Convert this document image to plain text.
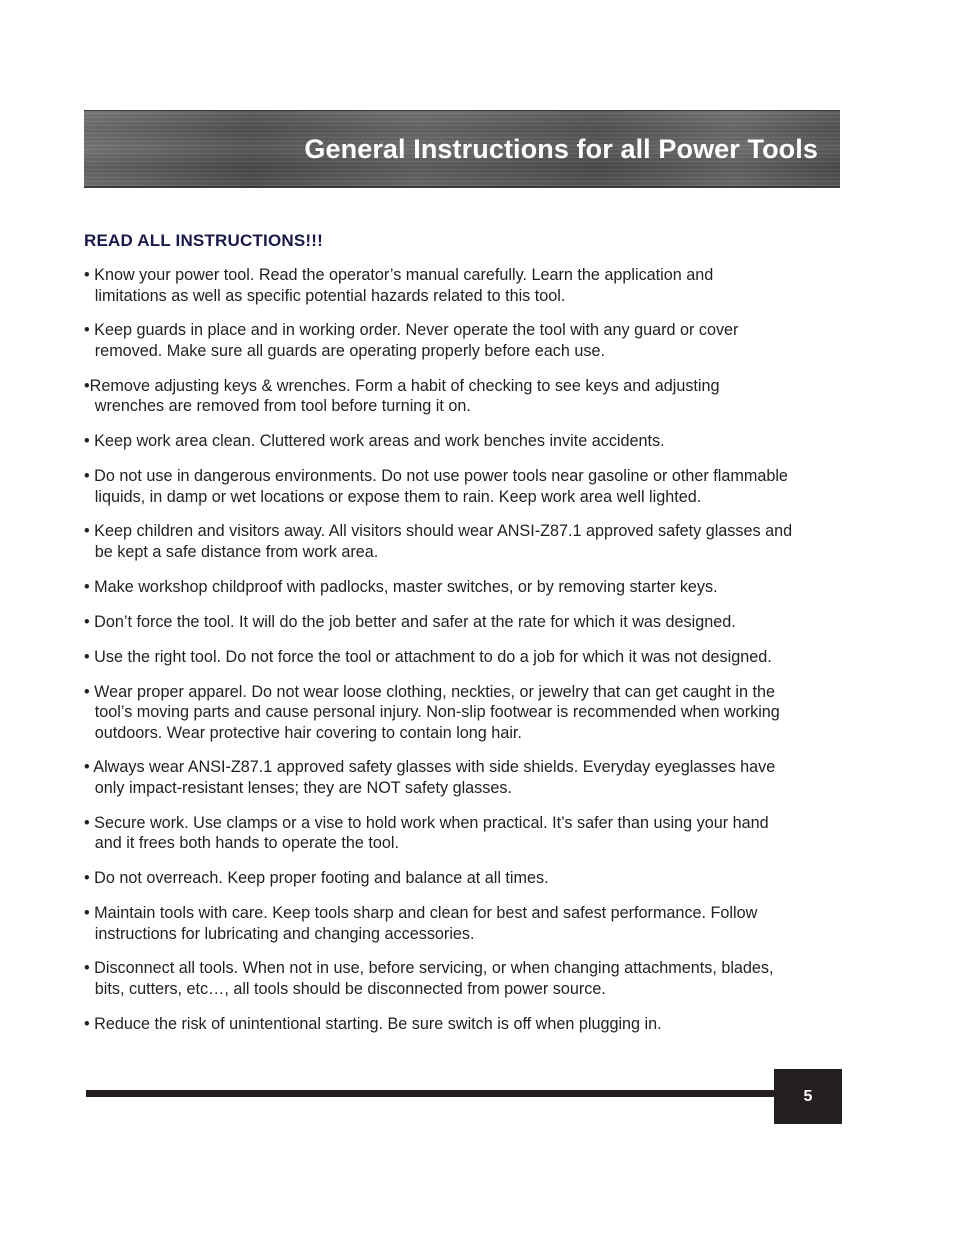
General Instructions for all Power Tools
READ ALL INSTRUCTIONS!!!
• Know your power tool. Read the operator’s manual carefully. Learn the application and
limitations as well as specific potential hazards related to this tool.
• Keep guards in place and in working order. Never operate the tool with any guard or cover
removed. Make sure all guards are operating properly before each use.
•Remove adjusting keys & wrenches. Form a habit of checking to see keys and adjusting
wrenches are removed from tool before turning it on.
• Keep work area clean. Cluttered work areas and work benches invite accidents.
• Do not use in dangerous environments. Do not use power tools near gasoline or other flammable
liquids, in damp or wet locations or expose them to rain. Keep work area well lighted.
• Keep children and visitors away. All visitors should wear ANSI-Z87.1 approved safety glasses and
be kept a safe distance from work area.
• Make workshop childproof with padlocks, master switches, or by removing starter keys.
• Don’t force the tool. It will do the job better and safer at the rate for which it was designed.
• Use the right tool. Do not force the tool or attachment to do a job for which it was not designed.
• Wear proper apparel. Do not wear loose clothing, neckties, or jewelry that can get caught in the
tool’s moving parts and cause personal injury. Non-slip footwear is recommended when working
outdoors. Wear protective hair covering to contain long hair.
• Always wear ANSI-Z87.1 approved safety glasses with side shields. Everyday eyeglasses have
only impact-resistant lenses; they are NOT safety glasses.
• Secure work. Use clamps or a vise to hold work when practical. It’s safer than using your hand
and it frees both hands to operate the tool.
• Do not overreach. Keep proper footing and balance at all times.
• Maintain tools with care. Keep tools sharp and clean for best and safest performance. Follow
instructions for lubricating and changing accessories.
• Disconnect all tools. When not in use, before servicing, or when changing attachments, blades,
bits, cutters, etc…, all tools should be disconnected from power source.
• Reduce the risk of unintentional starting. Be sure switch is off when plugging in.
5
